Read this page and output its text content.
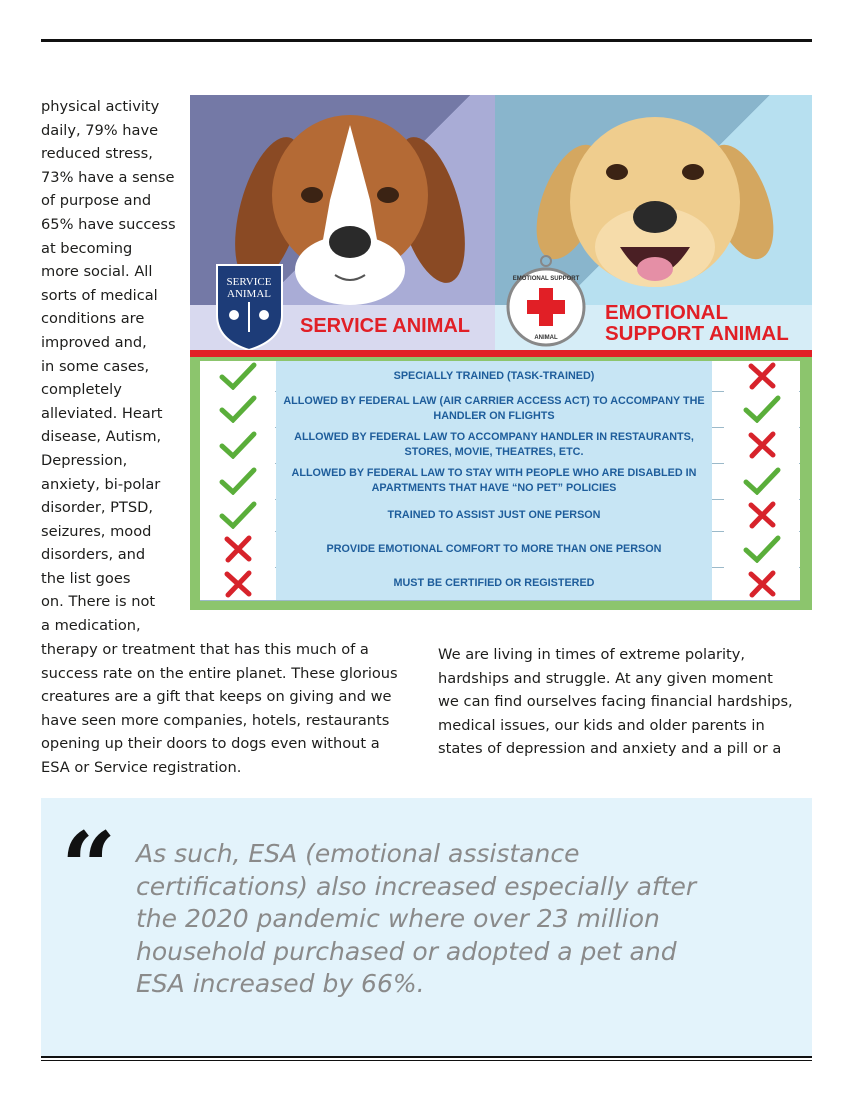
physical activity
daily, 79% have
reduced stress,
73% have a sense
of purpose and
65% have success
at becoming
more social. All
sorts of medical
conditions are
improved and,
in some cases,
completely
alleviated. Heart
disease, Autism,
Depression,
anxiety, bi-polar
disorder, PTSD,
seizures, mood
disorders, and
the list goes
on. There is not
a medication,
SERVICE
ANIMAL
EMOTIONAL SUPPORT
ANIMAL
SERVICE ANIMAL
EMOTIONAL
SUPPORT ANIMAL
SPECIALLY TRAINED (TASK-TRAINED)
ALLOWED BY FEDERAL LAW (AIR CARRIER ACCESS ACT) TO ACCOMPANY THE HANDLER ON FLIGHTS
ALLOWED BY FEDERAL LAW TO ACCOMPANY HANDLER IN RESTAURANTS, STORES, MOVIE, THEATRES, ETC.
ALLOWED BY FEDERAL LAW TO STAY WITH PEOPLE WHO ARE DISABLED IN APARTMENTS THAT HAVE “NO PET” POLICIES
TRAINED TO ASSIST JUST ONE PERSON
PROVIDE EMOTIONAL COMFORT TO MORE THAN ONE PERSON
MUST BE CERTIFIED OR REGISTERED
therapy or treatment that has this much of a
success rate on the entire planet. These glorious
creatures are a gift that keeps on giving and we
have seen more companies, hotels, restaurants
opening up their doors to dogs even without a
ESA or Service registration.
We are living in times of extreme polarity,
hardships and struggle. At any given moment
we can find ourselves facing financial hardships,
medical issues, our kids and older parents in
states of depression and anxiety and a pill or a
“ As such, ESA (emotional assistance
certifications) also increased especially after
the 2020 pandemic where over 23 million
household purchased or adopted a pet and
ESA increased by 66%.
